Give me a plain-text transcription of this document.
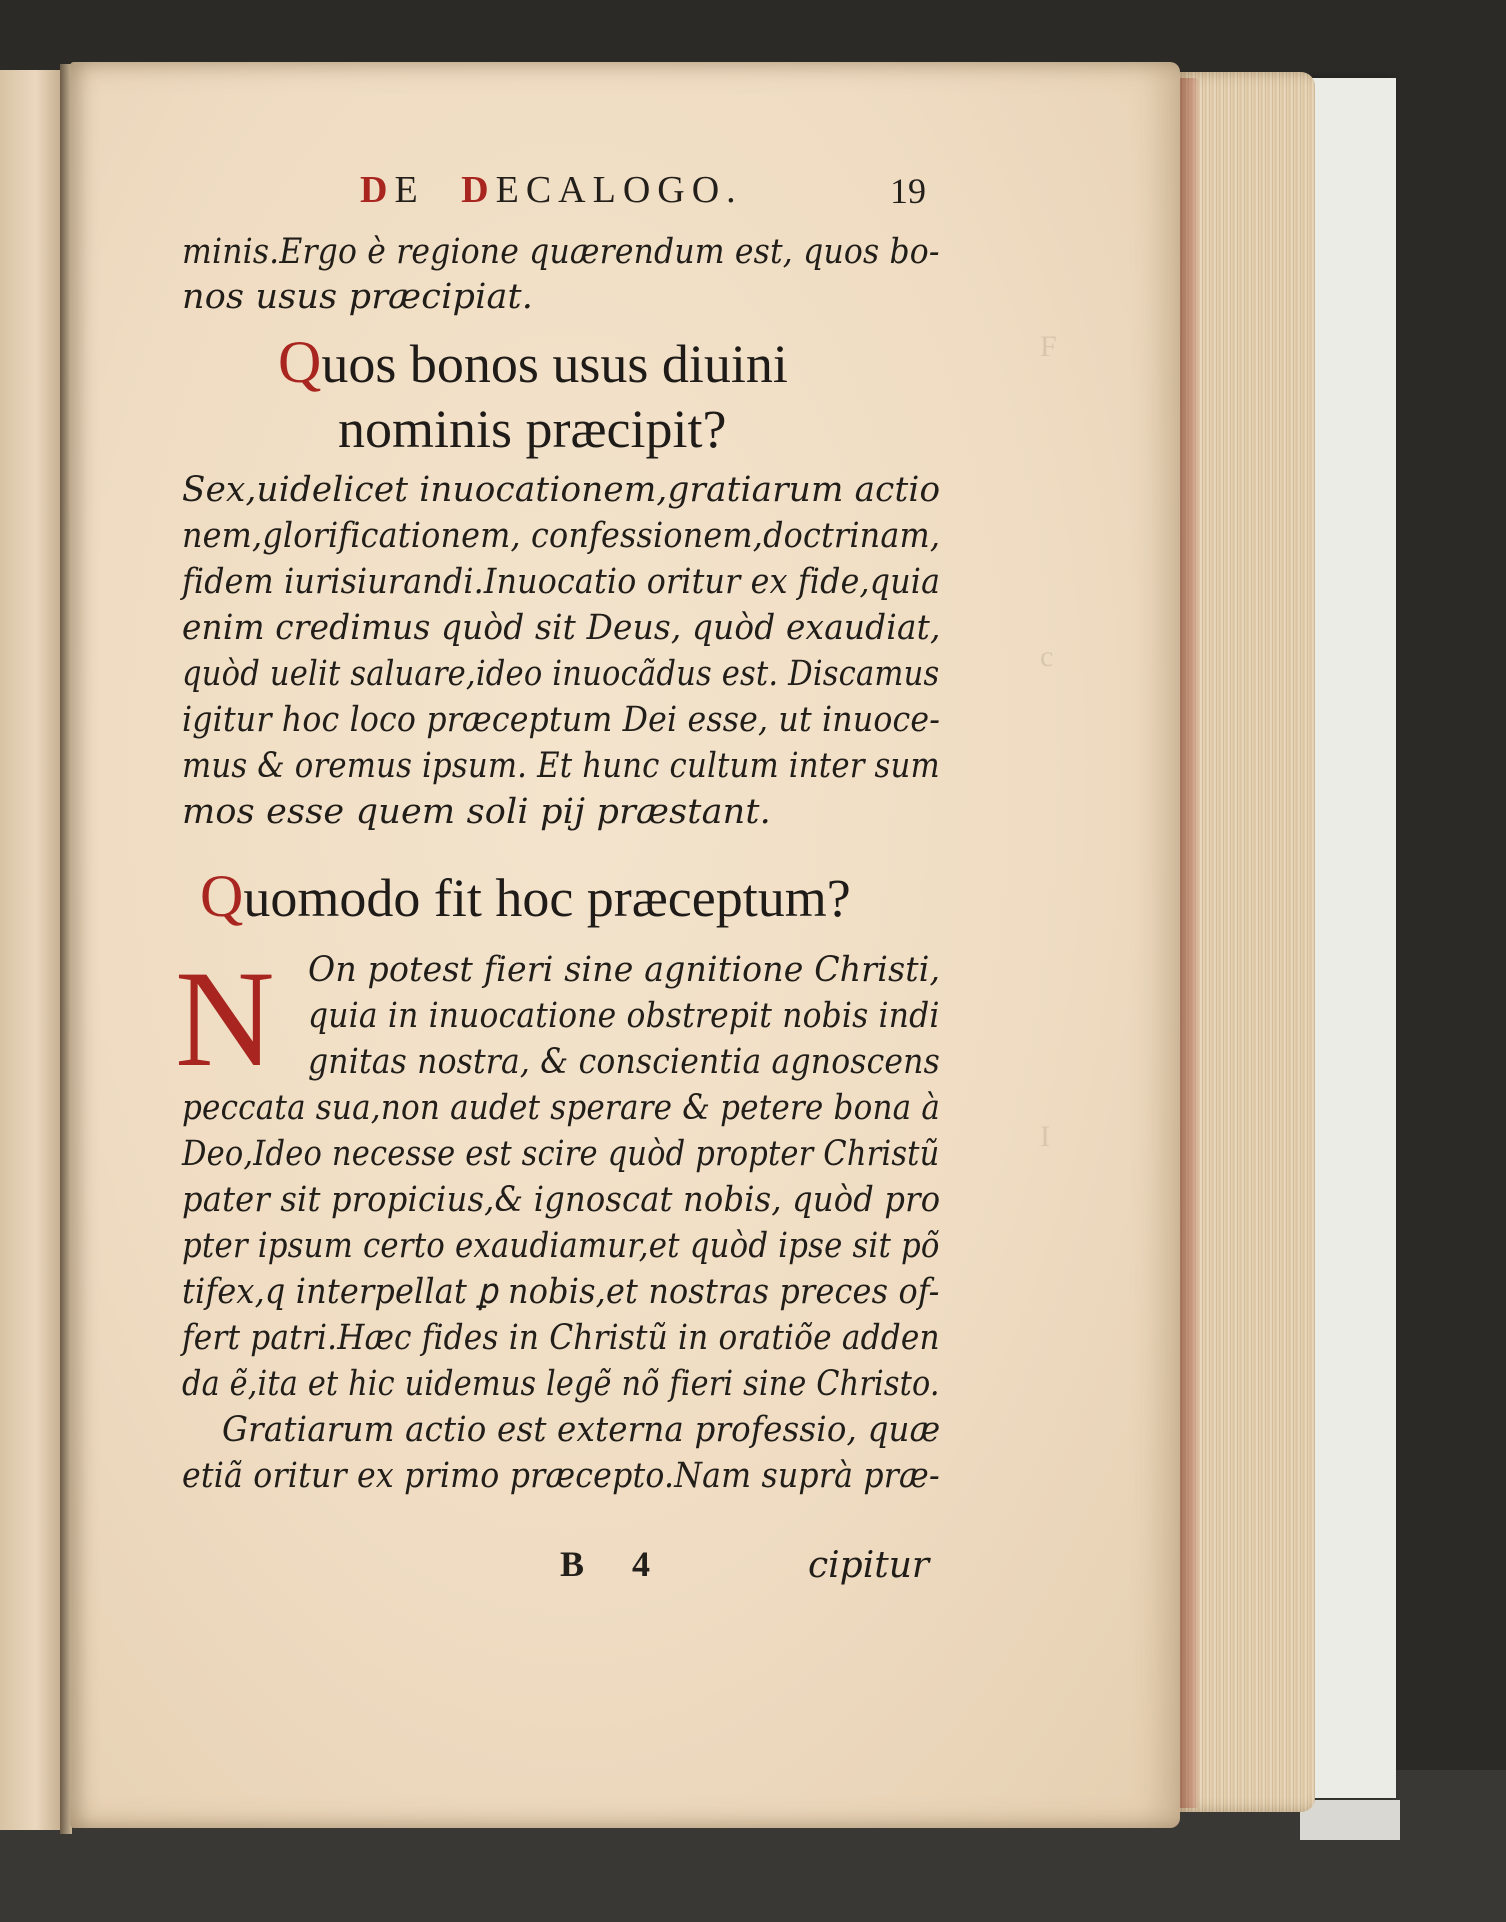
F
c
I
DE DECALOGO.	19
minis.Ergo è regione quærendum est, quos bo-
nos usus præcipiat.
Quos bonos usus diuini
nominis præcipit?
Sex,uidelicet inuocationem,gratiarum actio
nem,glorificationem, confessionem,doctrinam,
fidem iurisiurandi.Inuocatio oritur ex fide,quia
enim credimus quòd sit Deus, quòd exaudiat,
quòd uelit saluare,ideo inuocãdus est. Discamus
igitur hoc loco præceptum Dei esse, ut inuoce-
mus & oremus ipsum. Et hunc cultum inter sum
mos esse quem soli pij præstant.
Quomodo fit hoc præceptum?
N On potest fieri sine agnitione Christi,
quia in inuocatione obstrepit nobis indi
gnitas nostra, & conscientia agnoscens
peccata sua,non audet sperare & petere bona à
Deo,Ideo necesse est scire quòd propter Christũ
pater sit propicius,& ignoscat nobis, quòd pro
pter ipsum certo exaudiamur,et quòd ipse sit põ
tifex,q interpellat ꝑ nobis,et nostras preces of-
fert patri.Hæc fides in Christũ in oratiõe adden
da ẽ,ita et hic uidemus legẽ nõ fieri sine Christo.
Gratiarum actio est externa professio, quæ
etiã oritur ex primo præcepto.Nam suprà præ-
B 4	cipitur
